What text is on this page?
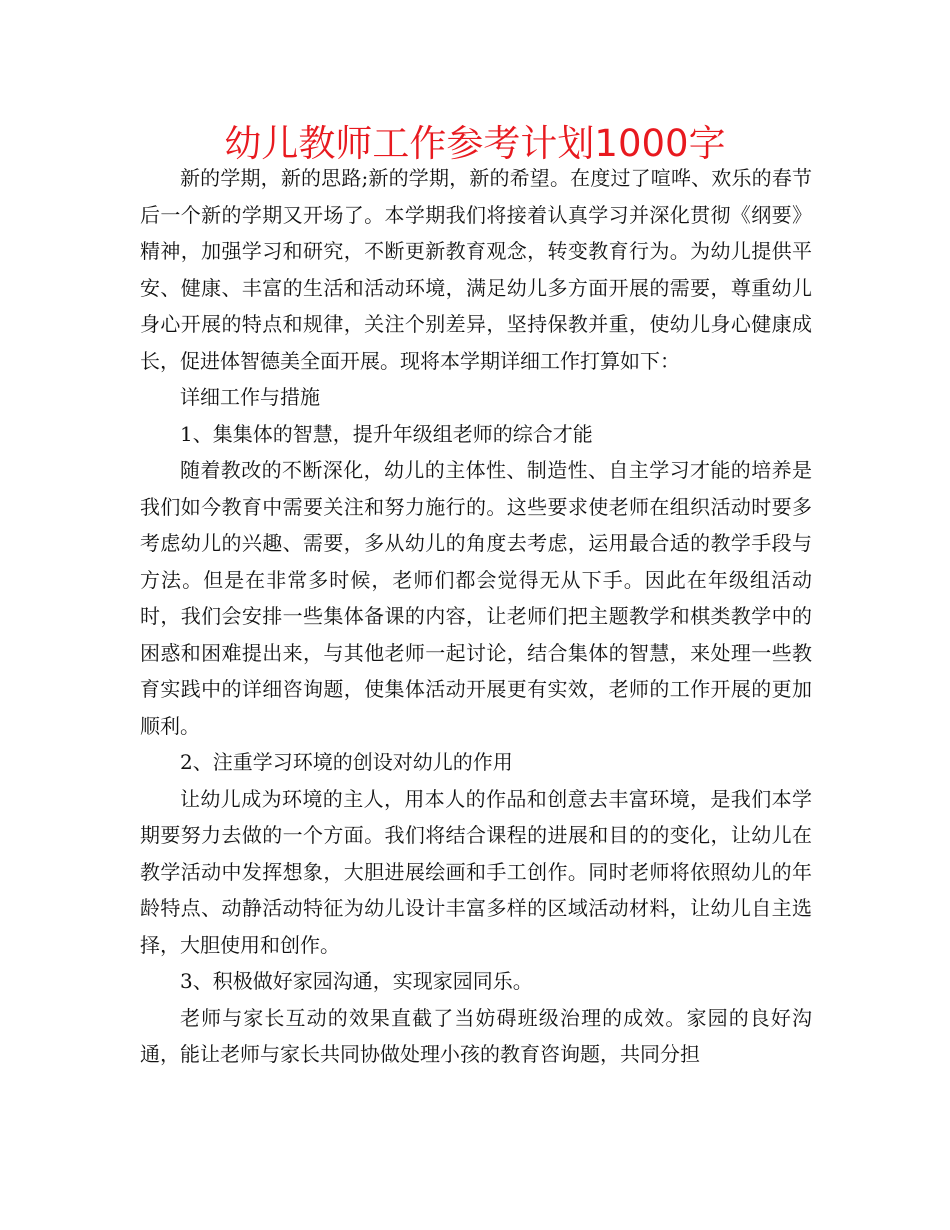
幼儿教师工作参考计划1000字

新的学期，新的思路;新的学期，新的希望。在度过了喧哗、欢乐的春节后一个新的学期又开场了。本学期我们将接着认真学习并深化贯彻《纲要》精神，加强学习和研究，不断更新教育观念，转变教育行为。为幼儿提供平安、健康、丰富的生活和活动环境，满足幼儿多方面开展的需要，尊重幼儿身心开展的特点和规律，关注个别差异，坚持保教并重，使幼儿身心健康成长，促进体智德美全面开展。现将本学期详细工作打算如下：

详细工作与措施

1、集集体的智慧，提升年级组老师的综合才能

随着教改的不断深化，幼儿的主体性、制造性、自主学习才能的培养是我们如今教育中需要关注和努力施行的。这些要求使老师在组织活动时要多考虑幼儿的兴趣、需要，多从幼儿的角度去考虑，运用最合适的教学手段与方法。但是在非常多时候，老师们都会觉得无从下手。因此在年级组活动时，我们会安排一些集体备课的内容，让老师们把主题教学和棋类教学中的困惑和困难提出来，与其他老师一起讨论，结合集体的智慧，来处理一些教育实践中的详细咨询题，使集体活动开展更有实效，老师的工作开展的更加顺利。

2、注重学习环境的创设对幼儿的作用

让幼儿成为环境的主人，用本人的作品和创意去丰富环境，是我们本学期要努力去做的一个方面。我们将结合课程的进展和目的的变化，让幼儿在教学活动中发挥想象，大胆进展绘画和手工创作。同时老师将依照幼儿的年龄特点、动静活动特征为幼儿设计丰富多样的区域活动材料，让幼儿自主选择，大胆使用和创作。

3、积极做好家园沟通，实现家园同乐。

老师与家长互动的效果直截了当妨碍班级治理的成效。家园的良好沟通，能让老师与家长共同协做处理小孩的教育咨询题，共同分担
